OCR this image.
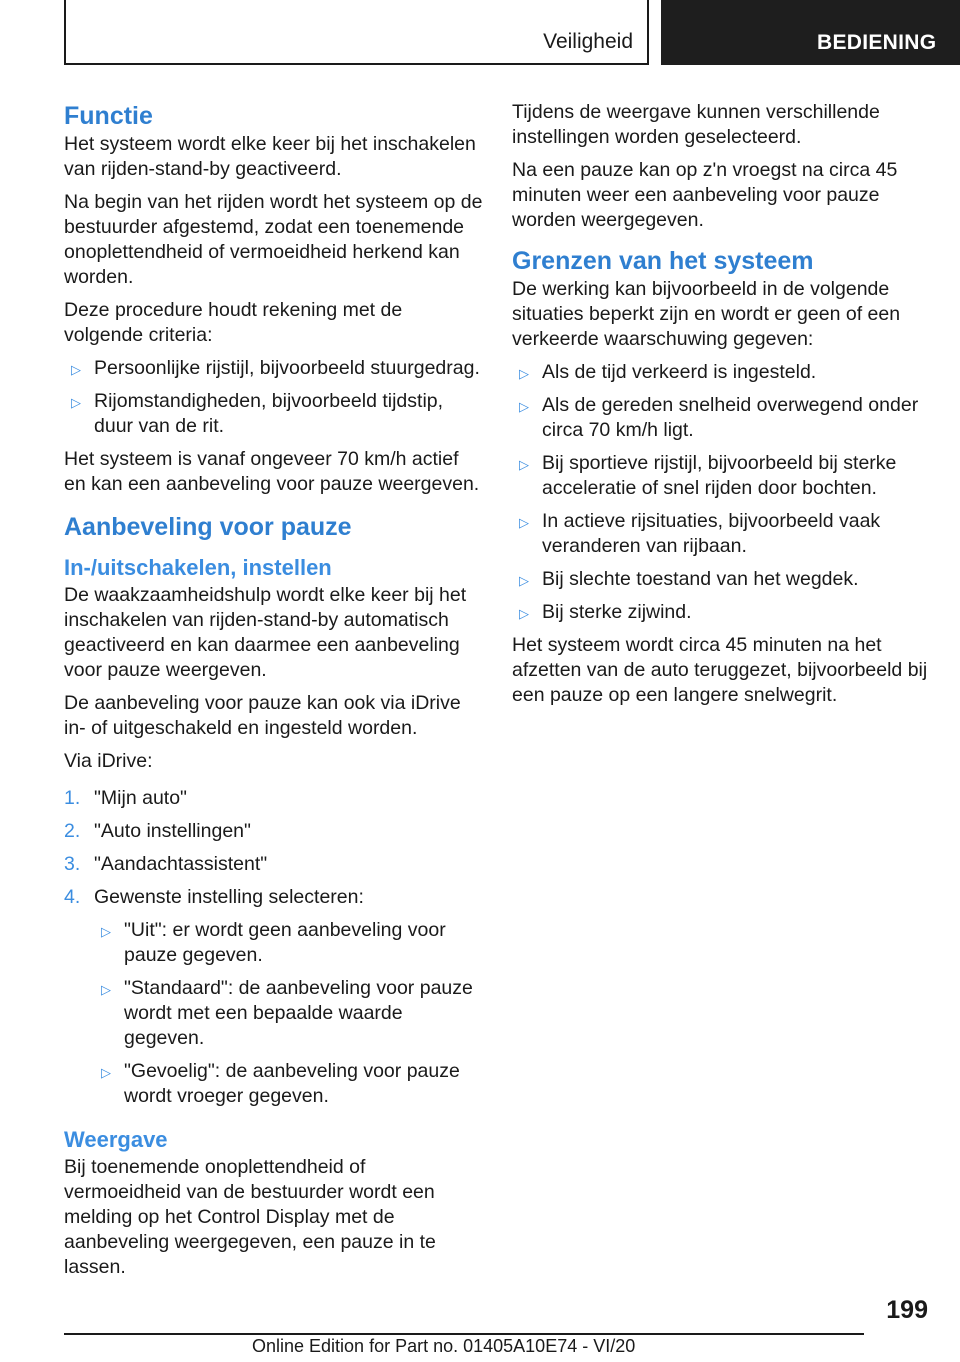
Veiligheid	BEDIENING
Functie

Het systeem wordt elke keer bij het inschakelen van rijden-stand-by geactiveerd.

Na begin van het rijden wordt het systeem op de bestuurder afgestemd, zodat een toenemende onoplettendheid of vermoeidheid herkend kan worden.

Deze procedure houdt rekening met de volgende criteria:

▷ Persoonlijke rijstijl, bijvoorbeeld stuurgedrag.
▷ Rijomstandigheden, bijvoorbeeld tijdstip, duur van de rit.

Het systeem is vanaf ongeveer 70 km/h actief en kan een aanbeveling voor pauze weergeven.

Aanbeveling voor pauze
In-/uitschakelen, instellen

De waakzaamheidshulp wordt elke keer bij het inschakelen van rijden-stand-by automatisch geactiveerd en kan daarmee een aanbeveling voor pauze weergeven.

De aanbeveling voor pauze kan ook via iDrive in- of uitgeschakeld en ingesteld worden.

Via iDrive:

1. "Mijn auto"
2. "Auto instellingen"
3. "Aandachtassistent"
4. Gewenste instelling selecteren:
▷ "Uit": er wordt geen aanbeveling voor pauze gegeven.
▷ "Standaard": de aanbeveling voor pauze wordt met een bepaalde waarde gegeven.
▷ "Gevoelig": de aanbeveling voor pauze wordt vroeger gegeven.
Weergave

Bij toenemende onoplettendheid of vermoeidheid van de bestuurder wordt een melding op het Control Display met de aanbeveling weergegeven, een pauze in te lassen.

Tijdens de weergave kunnen verschillende instellingen worden geselecteerd.

Na een pauze kan op z'n vroegst na circa 45 minuten weer een aanbeveling voor pauze worden weergegeven.

Grenzen van het systeem

De werking kan bijvoorbeeld in de volgende situaties beperkt zijn en wordt er geen of een verkeerde waarschuwing gegeven:

▷ Als de tijd verkeerd is ingesteld.
▷ Als de gereden snelheid overwegend onder circa 70 km/h ligt.
▷ Bij sportieve rijstijl, bijvoorbeeld bij sterke acceleratie of snel rijden door bochten.
▷ In actieve rijsituaties, bijvoorbeeld vaak veranderen van rijbaan.
▷ Bij slechte toestand van het wegdek.
▷ Bij sterke zijwind.

Het systeem wordt circa 45 minuten na het afzetten van de auto teruggezet, bijvoorbeeld bij een pauze op een langere snelwegrit.

199
Online Edition for Part no. 01405A10E74 - VI/20
